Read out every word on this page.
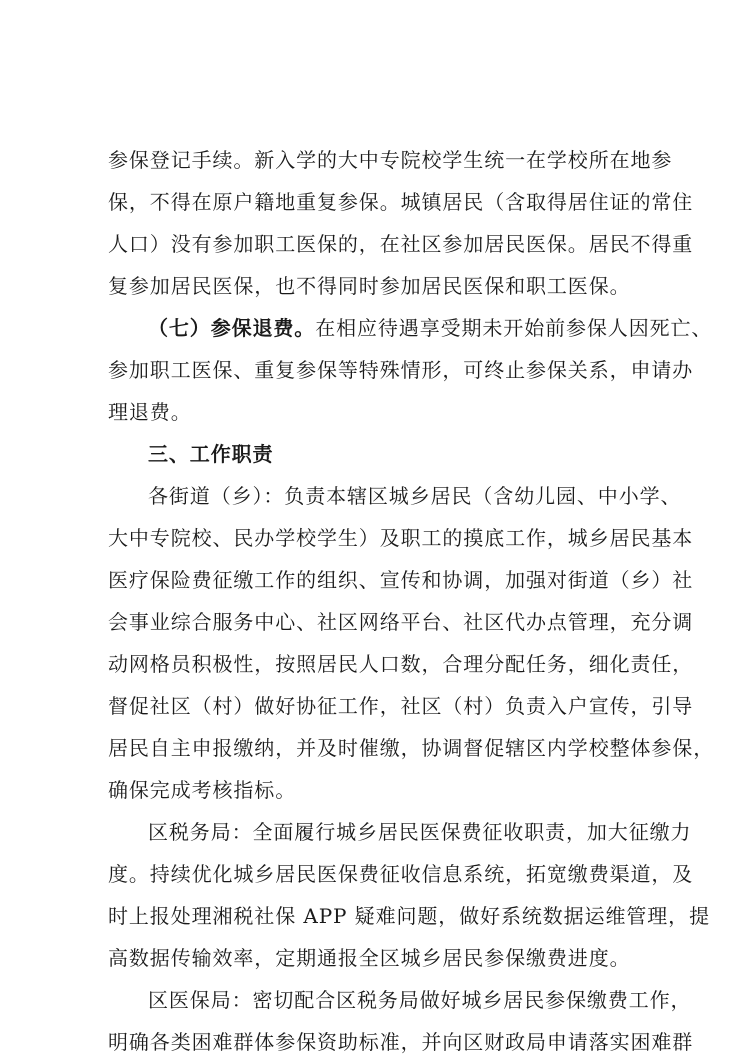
参保登记手续。新入学的大中专院校学生统一在学校所在地参
保，不得在原户籍地重复参保。城镇居民（含取得居住证的常住
人口）没有参加职工医保的，在社区参加居民医保。居民不得重
复参加居民医保，也不得同时参加居民医保和职工医保。
（七）参保退费。在相应待遇享受期未开始前参保人因死亡、
参加职工医保、重复参保等特殊情形，可终止参保关系，申请办
理退费。
三、工作职责
各街道（乡）：负责本辖区城乡居民（含幼儿园、中小学、
大中专院校、民办学校学生）及职工的摸底工作，城乡居民基本
医疗保险费征缴工作的组织、宣传和协调，加强对街道（乡）社
会事业综合服务中心、社区网络平台、社区代办点管理，充分调
动网格员积极性，按照居民人口数，合理分配任务，细化责任，
督促社区（村）做好协征工作，社区（村）负责入户宣传，引导
居民自主申报缴纳，并及时催缴，协调督促辖区内学校整体参保，
确保完成考核指标。
区税务局：全面履行城乡居民医保费征收职责，加大征缴力
度。持续优化城乡居民医保费征收信息系统，拓宽缴费渠道，及
时上报处理湘税社保 APP 疑难问题，做好系统数据运维管理，提
高数据传输效率，定期通报全区城乡居民参保缴费进度。
区医保局：密切配合区税务局做好城乡居民参保缴费工作，
明确各类困难群体参保资助标准，并向区财政局申请落实困难群
